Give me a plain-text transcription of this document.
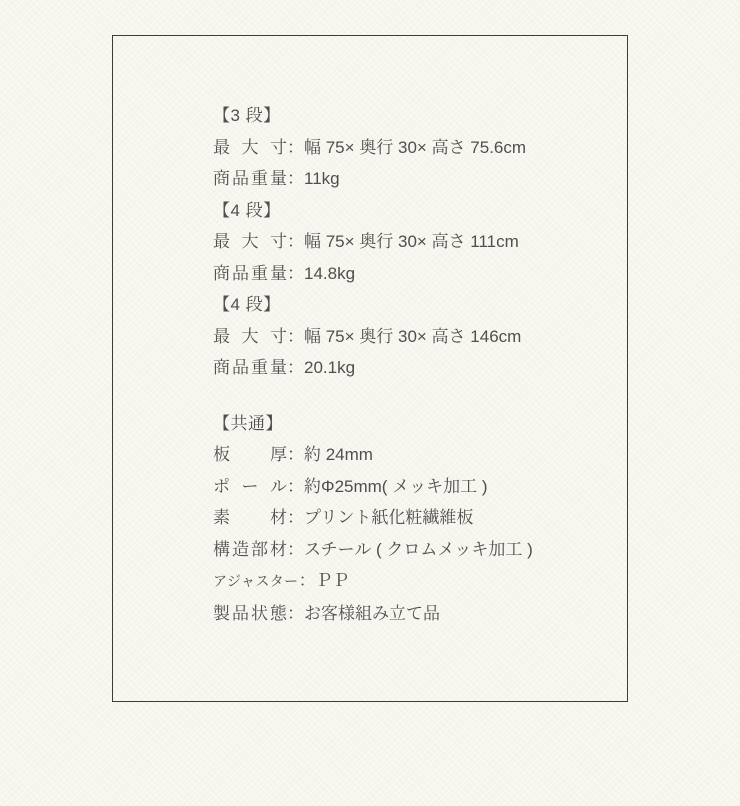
【3 段】
最 大 寸 ： 幅 75× 奥行 30× 高さ 75.6cm
商品重量 ： 11kg
【4 段】
最 大 寸 ： 幅 75× 奥行 30× 高さ 111cm
商品重量 ： 14.8kg
【4 段】
最 大 寸 ： 幅 75× 奥行 30× 高さ 146cm
商品重量 ： 20.1kg
【共通】
板 厚 ： 約 24mm
ポ ー ル ： 約Φ25mm( メッキ加工 )
素 材 ： プリント紙化粧繊維板
構造部材 ： スチール ( クロムメッキ加工 )
アジャスター ： ＰＰ
製品状態 ： お客様組み立て品
